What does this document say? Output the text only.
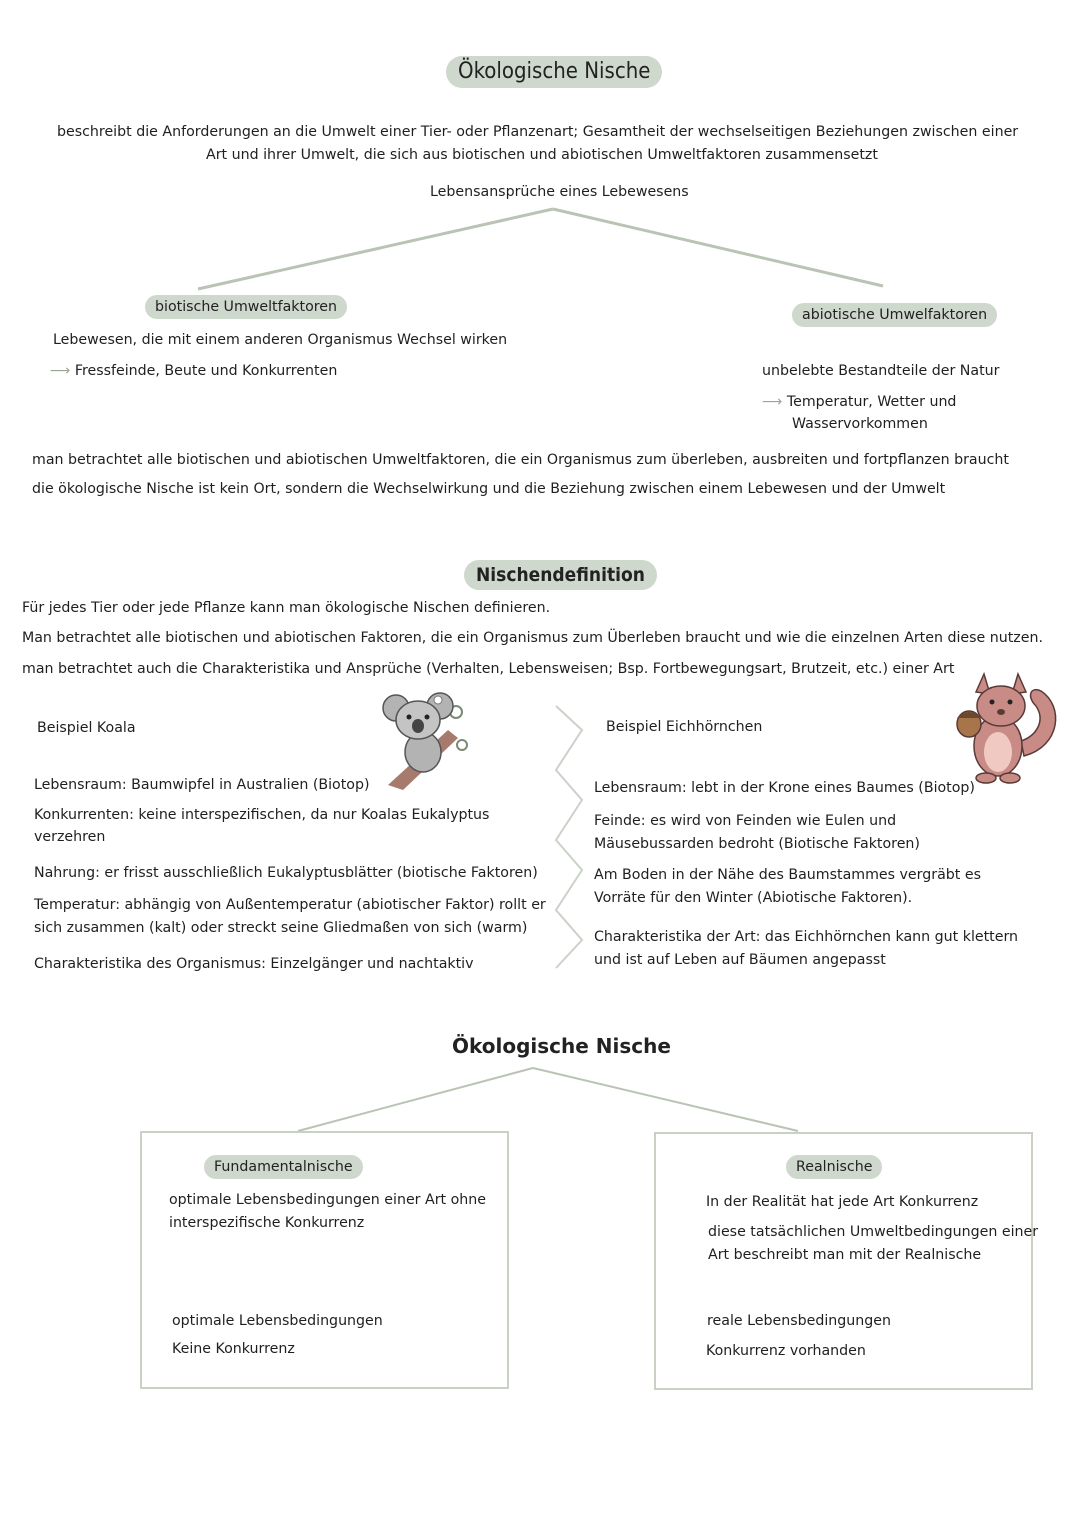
Ökologische Nische
beschreibt die Anforderungen an die Umwelt einer Tier- oder Pflanzenart; Gesamtheit der wechselseitigen Beziehungen zwischen einer
Art und ihrer Umwelt, die sich aus biotischen und abiotischen Umweltfaktoren zusammensetzt
Lebensansprüche eines Lebewesens
biotische Umweltfaktoren	abiotische Umwelfaktoren
Lebewesen, die mit einem anderen Organismus Wechsel wirken
⟶ Fressfeinde, Beute und Konkurrenten	unbelebte Bestandteile der Natur
⟶ Temperatur, Wetter und
Wasservorkommen
man betrachtet alle biotischen und abiotischen Umweltfaktoren, die ein Organismus zum überleben, ausbreiten und fortpflanzen braucht
die ökologische Nische ist kein Ort, sondern die Wechselwirkung und die Beziehung zwischen einem Lebewesen und der Umwelt
Nischendefinition
Für jedes Tier oder jede Pflanze kann man ökologische Nischen definieren.
Man betrachtet alle biotischen und abiotischen Faktoren, die ein Organismus zum Überleben braucht und wie die einzelnen Arten diese nutzen.
man betrachtet auch die Charakteristika und Ansprüche (Verhalten, Lebensweisen; Bsp. Fortbewegungsart, Brutzeit, etc.) einer Art
Beispiel Koala
Lebensraum: Baumwipfel in Australien (Biotop)
Konkurrenten: keine interspezifischen, da nur Koalas Eukalyptus
verzehren
Nahrung: er frisst ausschließlich Eukalyptusblätter (biotische Faktoren)
Temperatur: abhängig von Außentemperatur (abiotischer Faktor) rollt er
sich zusammen (kalt) oder streckt seine Gliedmaßen von sich (warm)
Charakteristika des Organismus: Einzelgänger und nachtaktiv
Beispiel Eichhörnchen
Lebensraum: lebt in der Krone eines Baumes (Biotop)
Feinde: es wird von Feinden wie Eulen und
Mäusebussarden bedroht (Biotische Faktoren)
Am Boden in der Nähe des Baumstammes vergräbt es
Vorräte für den Winter (Abiotische Faktoren).
Charakteristika der Art: das Eichhörnchen kann gut klettern
und ist auf Leben auf Bäumen angepasst
Ökologische Nische
Fundamentalnische
optimale Lebensbedingungen einer Art ohne
interspezifische Konkurrenz
optimale Lebensbedingungen
Keine Konkurrenz
Realnische
In der Realität hat jede Art Konkurrenz
diese tatsächlichen Umweltbedingungen einer
Art beschreibt man mit der Realnische
reale Lebensbedingungen
Konkurrenz vorhanden
